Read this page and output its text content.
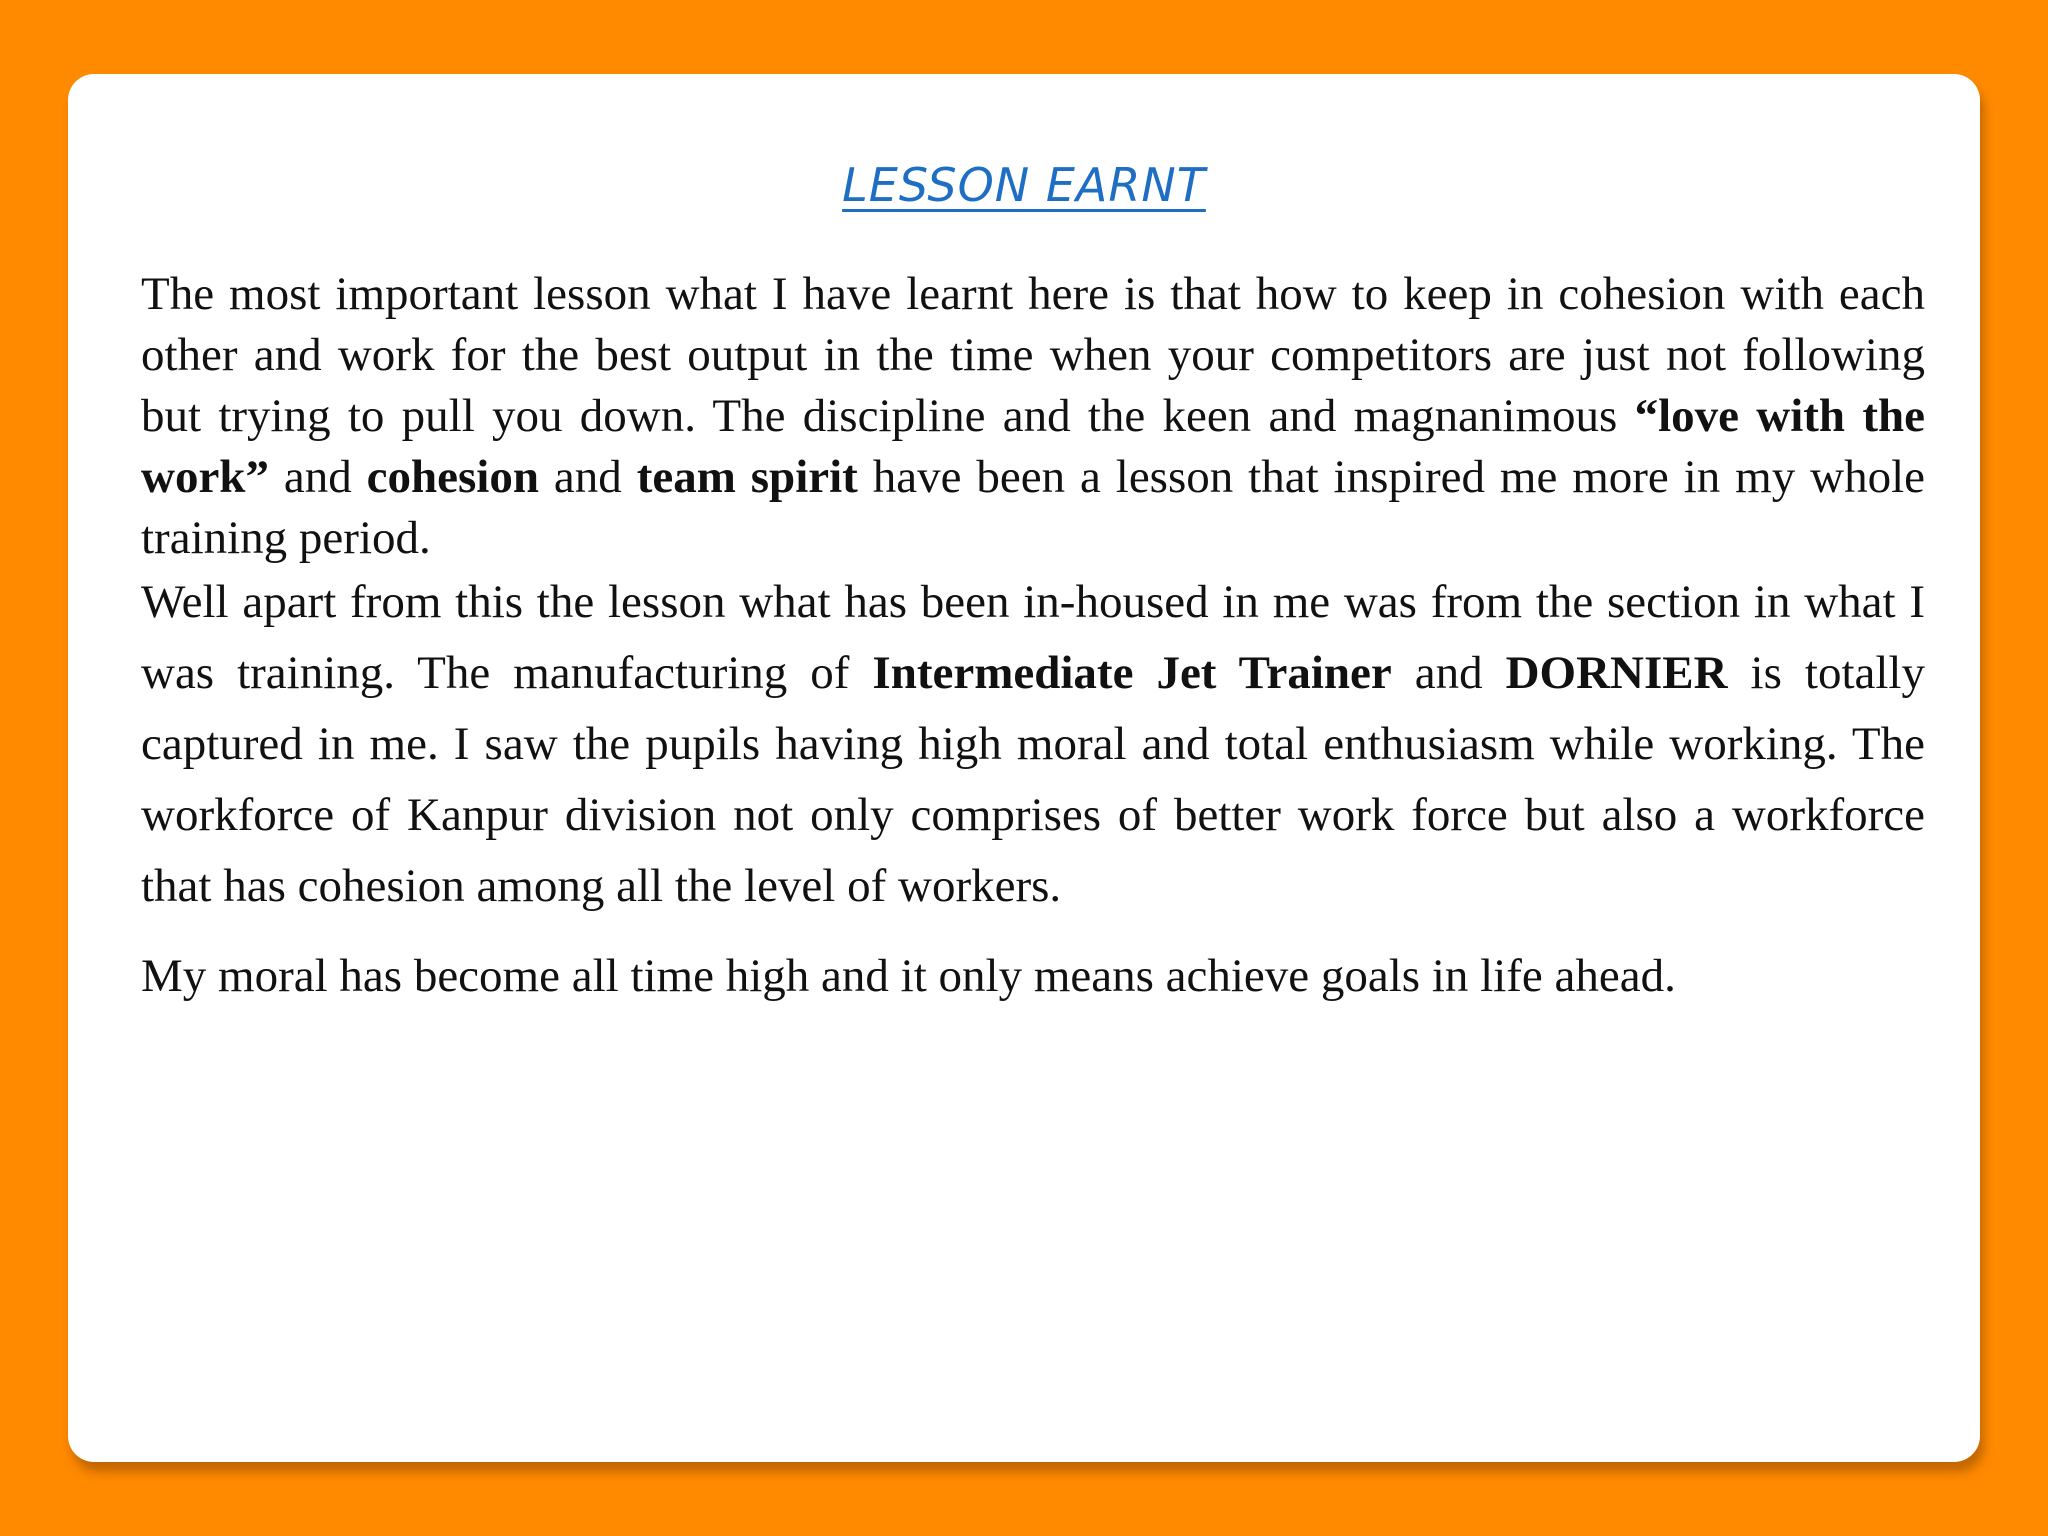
LESSON EARNT

The most important lesson what I have learnt here is that how to keep in cohesion with each other and work for the best output in the time when your competitors are just not following but trying to pull you down. The discipline and the keen and magnanimous “love with the work” and cohesion and team spirit have been a lesson that inspired me more in my whole training period.

Well apart from this the lesson what has been in-housed in me was from the section in what I was training. The manufacturing of Intermediate Jet Trainer and DORNIER is totally captured in me. I saw the pupils having high moral and total enthusiasm while working. The workforce of Kanpur division not only comprises of better work force but also a workforce that has cohesion among all the level of workers.

My moral has become all time high and it only means achieve goals in life ahead.
